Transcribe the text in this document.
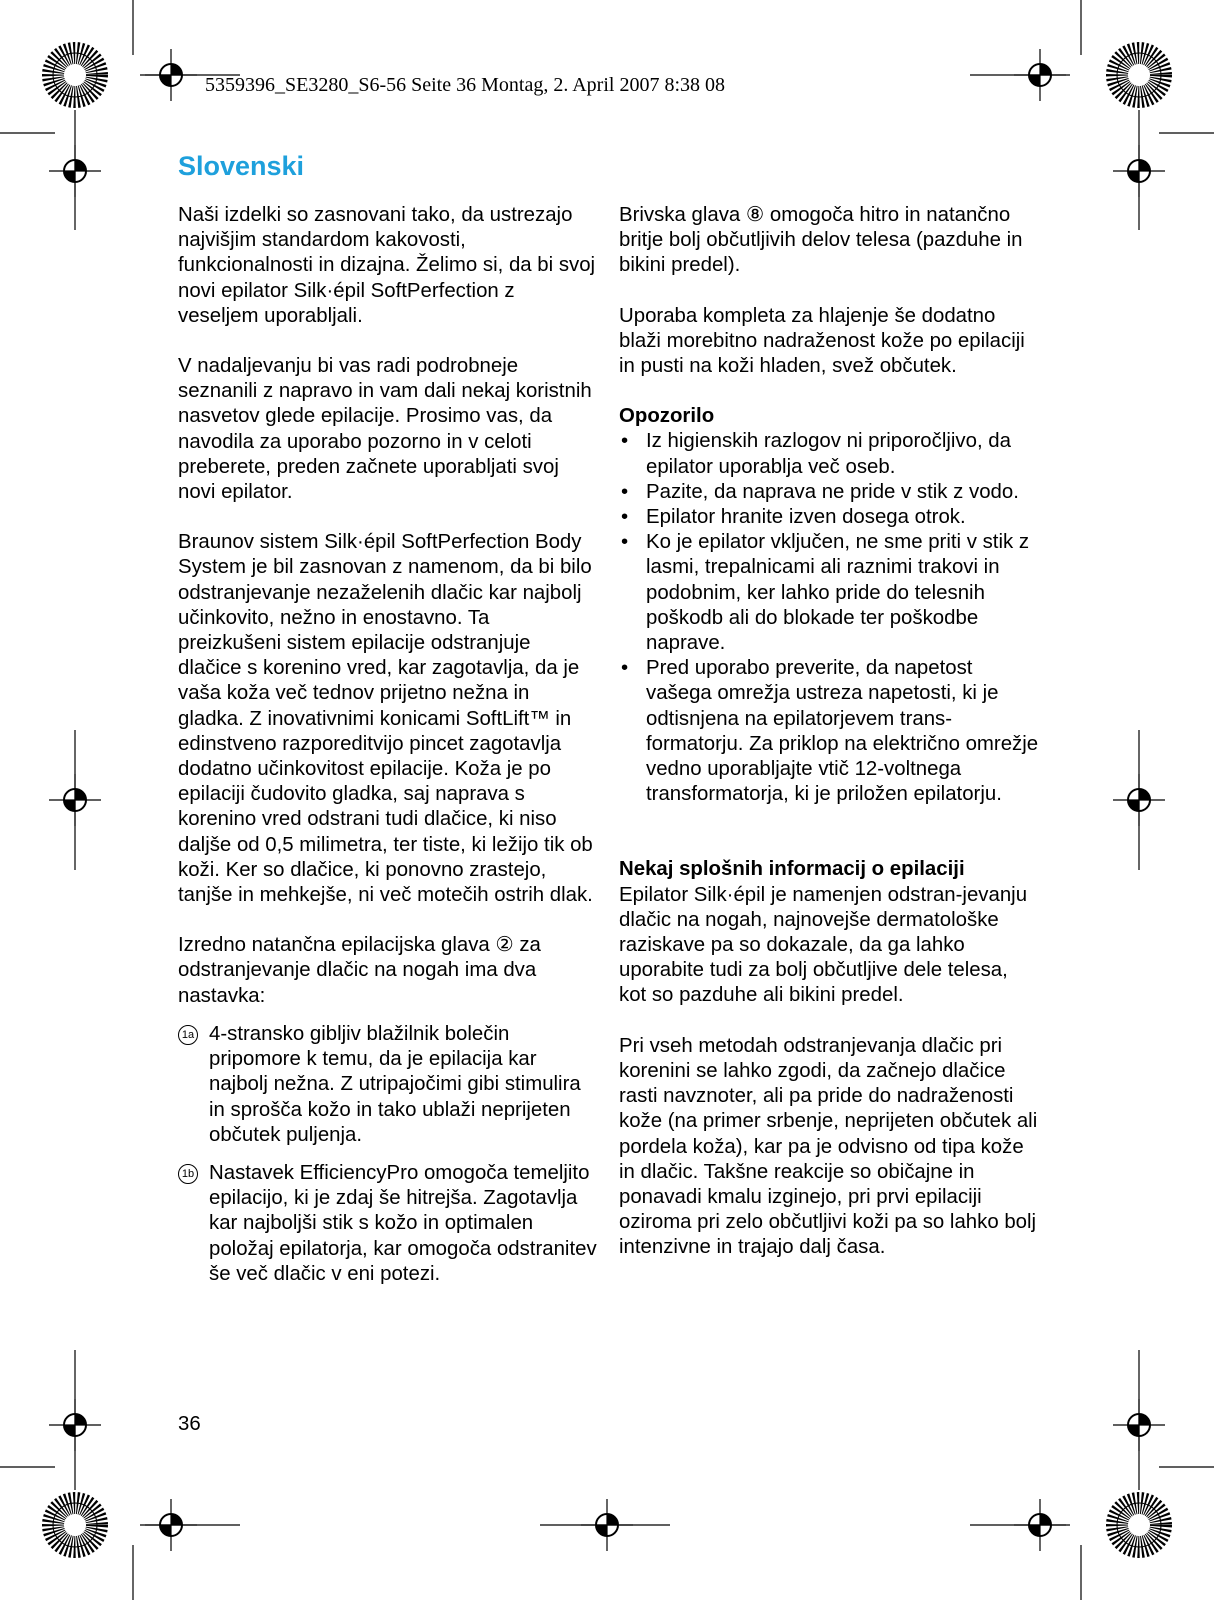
5359396_SE3280_S6-56 Seite 36 Montag, 2. April 2007 8:38 08
Slovenski

Naši izdelki so zasnovani tako, da ustrezajo najvišjim standardom kakovosti, funkcionalnosti in dizajna. Želimo si, da bi svoj novi epilator Silk·épil SoftPerfection z veseljem uporabljali.

V nadaljevanju bi vas radi podrobneje seznanili z napravo in vam dali nekaj koristnih nasvetov glede epilacije. Prosimo vas, da navodila za uporabo pozorno in v celoti preberete, preden začnete uporabljati svoj novi epilator.

Braunov sistem Silk·épil SoftPerfection Body System je bil zasnovan z namenom, da bi bilo odstranjevanje nezaželenih dlačic kar najbolj učinkovito, nežno in enostavno. Ta preizkušeni sistem epilacije odstranjuje dlačice s korenino vred, kar zagotavlja, da je vaša koža več tednov prijetno nežna in gladka. Z inovativnimi konicami SoftLift™ in edinstveno razporeditvijo pincet zagotavlja dodatno učinkovitost epilacije. Koža je po epilaciji čudovito gladka, saj naprava s korenino vred odstrani tudi dlačice, ki niso daljše od 0,5 milimetra, ter tiste, ki ležijo tik ob koži. Ker so dlačice, ki ponovno zrastejo, tanjše in mehkejše, ni več motečih ostrih dlak.

Izredno natančna epilacijska glava ② za odstranjevanje dlačic na nogah ima dva nastavka:

1a 4-stransko gibljiv blažilnik bolečin pripomore k temu, da je epilacija kar najbolj nežna. Z utripajočimi gibi stimulira in sprošča kožo in tako ublaži neprijeten občutek puljenja.
1b Nastavek EfficiencyPro omogoča temeljito epilacijo, ki je zdaj še hitrejša. Zagotavlja kar najboljši stik s kožo in optimalen položaj epilatorja, kar omogoča odstranitev še več dlačic v eni potezi.

Brivska glava ⑧ omogoča hitro in natančno britje bolj občutljivih delov telesa (pazduhe in bikini predel).

Uporaba kompleta za hlajenje še dodatno blaži morebitno nadraženost kože po epilaciji in pusti na koži hladen, svež občutek.

Opozorilo
• Iz higienskih razlogov ni priporočljivo, da epilator uporablja več oseb.
• Pazite, da naprava ne pride v stik z vodo.
• Epilator hranite izven dosega otrok.
• Ko je epilator vključen, ne sme priti v stik z lasmi, trepalnicami ali raznimi trakovi in podobnim, ker lahko pride do telesnih poškodb ali do blokade ter poškodbe naprave.
• Pred uporabo preverite, da napetost vašega omrežja ustreza napetosti, ki je odtisnjena na epilatorjevem trans-formatorju. Za priklop na električno omrežje vedno uporabljajte vtič 12-voltnega transformatorja, ki je priložen epilatorju.
Nekaj splošnih informacij o epilaciji

Epilator Silk·épil je namenjen odstran-jevanju dlačic na nogah, najnovejše dermatološke raziskave pa so dokazale, da ga lahko uporabite tudi za bolj občutljive dele telesa, kot so pazduhe ali bikini predel.

Pri vseh metodah odstranjevanja dlačic pri korenini se lahko zgodi, da začnejo dlačice rasti navznoter, ali pa pride do nadraženosti kože (na primer srbenje, neprijeten občutek ali pordela koža), kar pa je odvisno od tipa kože in dlačic. Takšne reakcije so običajne in ponavadi kmalu izginejo, pri prvi epilaciji oziroma pri zelo občutljivi koži pa so lahko bolj intenzivne in trajajo dalj časa.

36
